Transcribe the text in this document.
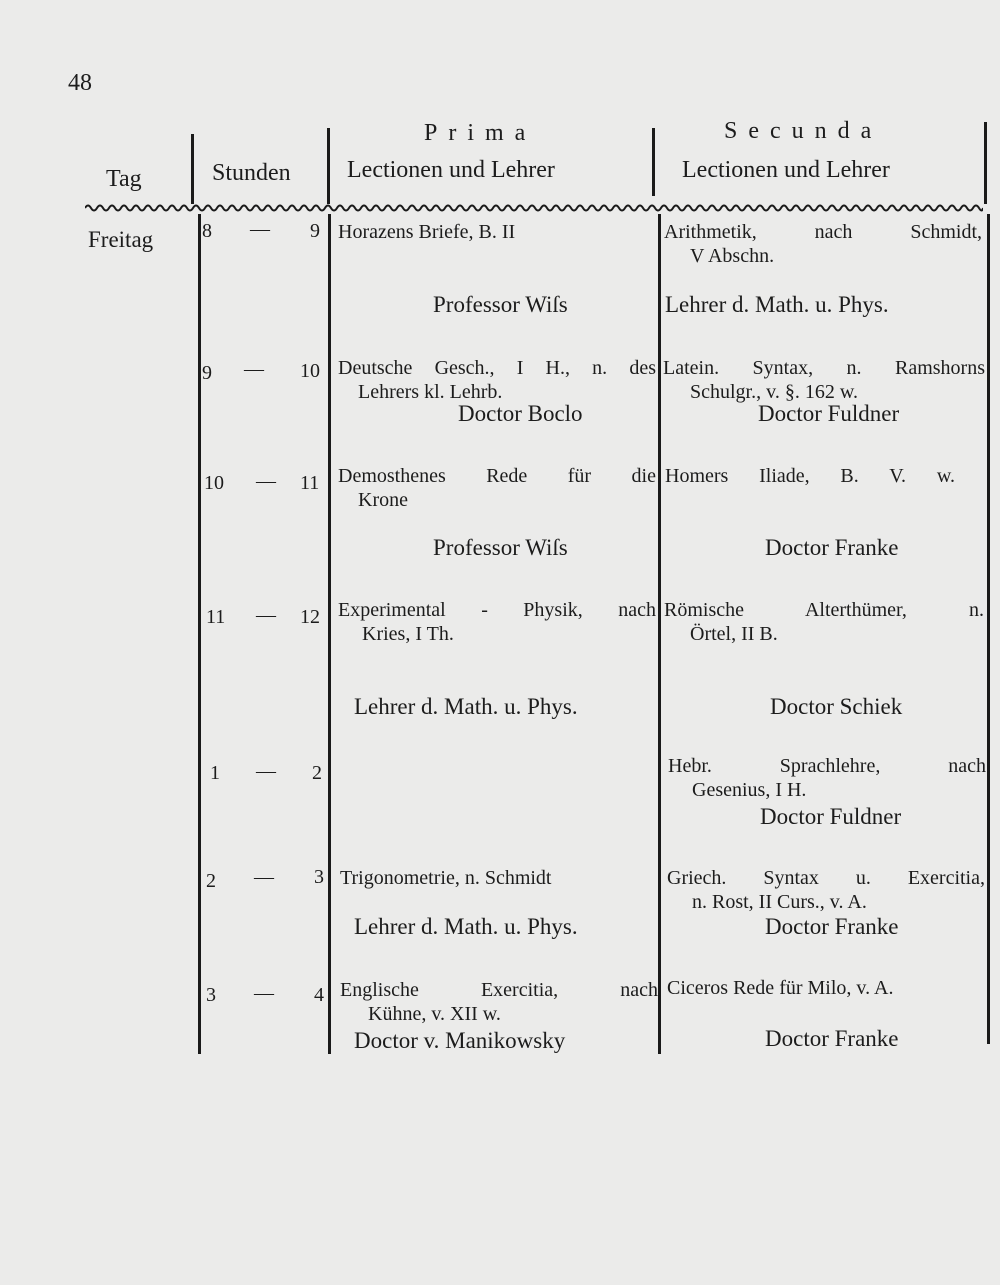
48
Tag	Stunden
Prima
Lectionen und Lehrer
Secunda
Lectionen und Lehrer
Freitag 8 — 9 Horazens Briefe, B. II
Professor Wiſs
Arithmetik, nach Schmidt,
V Abschn.
Lehrer d. Math. u. Phys.
9 — 10 Deutsche Gesch., I H., n. des
Lehrers kl. Lehrb.
Doctor Boclo
Latein. Syntax, n. Ramshorns
Schulgr., v. §. 162 w.
Doctor Fuldner
10 — 11 Demosthenes Rede für die
Krone
Professor Wiſs
Homers Iliade, B. V. w.
Doctor Franke
11 — 12 Experimental - Physik, nach
Kries, I Th.
Lehrer d. Math. u. Phys.
Römische Alterthümer, n.
Örtel, II B.
Doctor Schiek
1 — 2	Hebr. Sprachlehre, nach
Gesenius, I H.
Doctor Fuldner
2 — 3 Trigonometrie, n. Schmidt
Lehrer d. Math. u. Phys.
Griech. Syntax u. Exercitia,
n. Rost, II Curs., v. A.
Doctor Franke
3 — 4 Englische Exercitia, nach
Kühne, v. XII w.
Doctor v. Manikowsky
Ciceros Rede für Milo, v. A.
Doctor Franke
